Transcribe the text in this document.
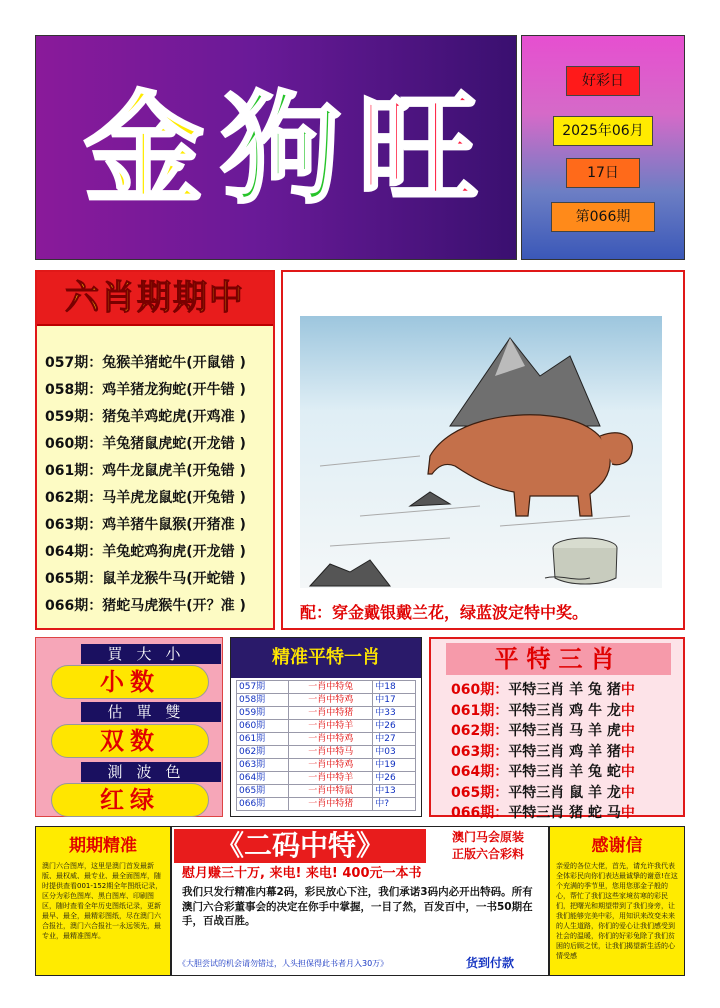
金 狗 旺	好彩日
2025年06月
17日
第066期
六肖期期中
057期：兔猴羊猪蛇牛(开鼠错 )
058期：鸡羊猪龙狗蛇(开牛错 )
059期：猪兔羊鸡蛇虎(开鸡准 )
060期：羊兔猪鼠虎蛇(开龙错 )
061期：鸡牛龙鼠虎羊(开兔错 )
062期：马羊虎龙鼠蛇(开兔错 )
063期：鸡羊猪牛鼠猴(开猪准 )
064期：羊兔蛇鸡狗虎(开龙错 )
065期：鼠羊龙猴牛马(开蛇错 )
066期：猪蛇马虎猴牛(开？准 )	配：穿金戴银戴兰花，绿蓝波定特中奖。
買大小
小数
估單雙
双数
測波色
红绿
精准平特一肖
057期	一肖中特兔	中18
058期	一肖中特鸡	中17
059期	一肖中特猪	中33
060期	一肖中特羊	中26
061期	一肖中特鸡	中27
062期	一肖中特马	中03
063期	一肖中特鸡	中19
064期	一肖中特羊	中26
065期	一肖中特鼠	中13
066期	一肖中特猪	中?
平特三肖
060期：平特三肖 羊 兔 猪中
061期：平特三肖 鸡 牛 龙中
062期：平特三肖 马 羊 虎中
063期：平特三肖 鸡 羊 猪中
064期：平特三肖 羊 兔 蛇中
065期：平特三肖 鼠 羊 龙中
066期：平特三肖 猪 蛇 马中
期期精准
澳门六合图库，这里是澳门首发最新版、最权威、最专业、最全面图库，随时提供查看001-152期全年图纸记录，区分为彩色图库、黑白图库、印刷图区，随时查看全年历史图纸记录，更新最早、最全，最精彩图纸，尽在澳门六合报社，澳门六合报社一永远领先，最专业，最精准图库。
《二码中特》	澳门马会原装
正版六合彩料
慰月赚三十万, 来电! 来电! 400元一本书
我们只发行精准内幕2码，彩民放心下注，我们承诺3码内必开出特码。所有澳门六合彩董事会的决定在你手中掌握，一目了然，百发百中，一书50期在手，百战百胜。
《大胆尝试的机会请勿错过，人头担保得此书者月入30万》	货到付款
感谢信
亲爱的各位大佬，首先，请允许我代表全体彩民向你们表达最诚挚的谢意!在这个充满的季节里，您用您那金子般的心，帮忙了我们这些家境贫寒的彩民们，把曙光和期望带到了我们身旁，让我们能够完美中彩，用知识来改变未来的人生道路，你们的爱心让我们感受到社会的温暖，你们的好彩兔除了我们贫困的后顾之忧，让我们揭望新生活的心情受感
